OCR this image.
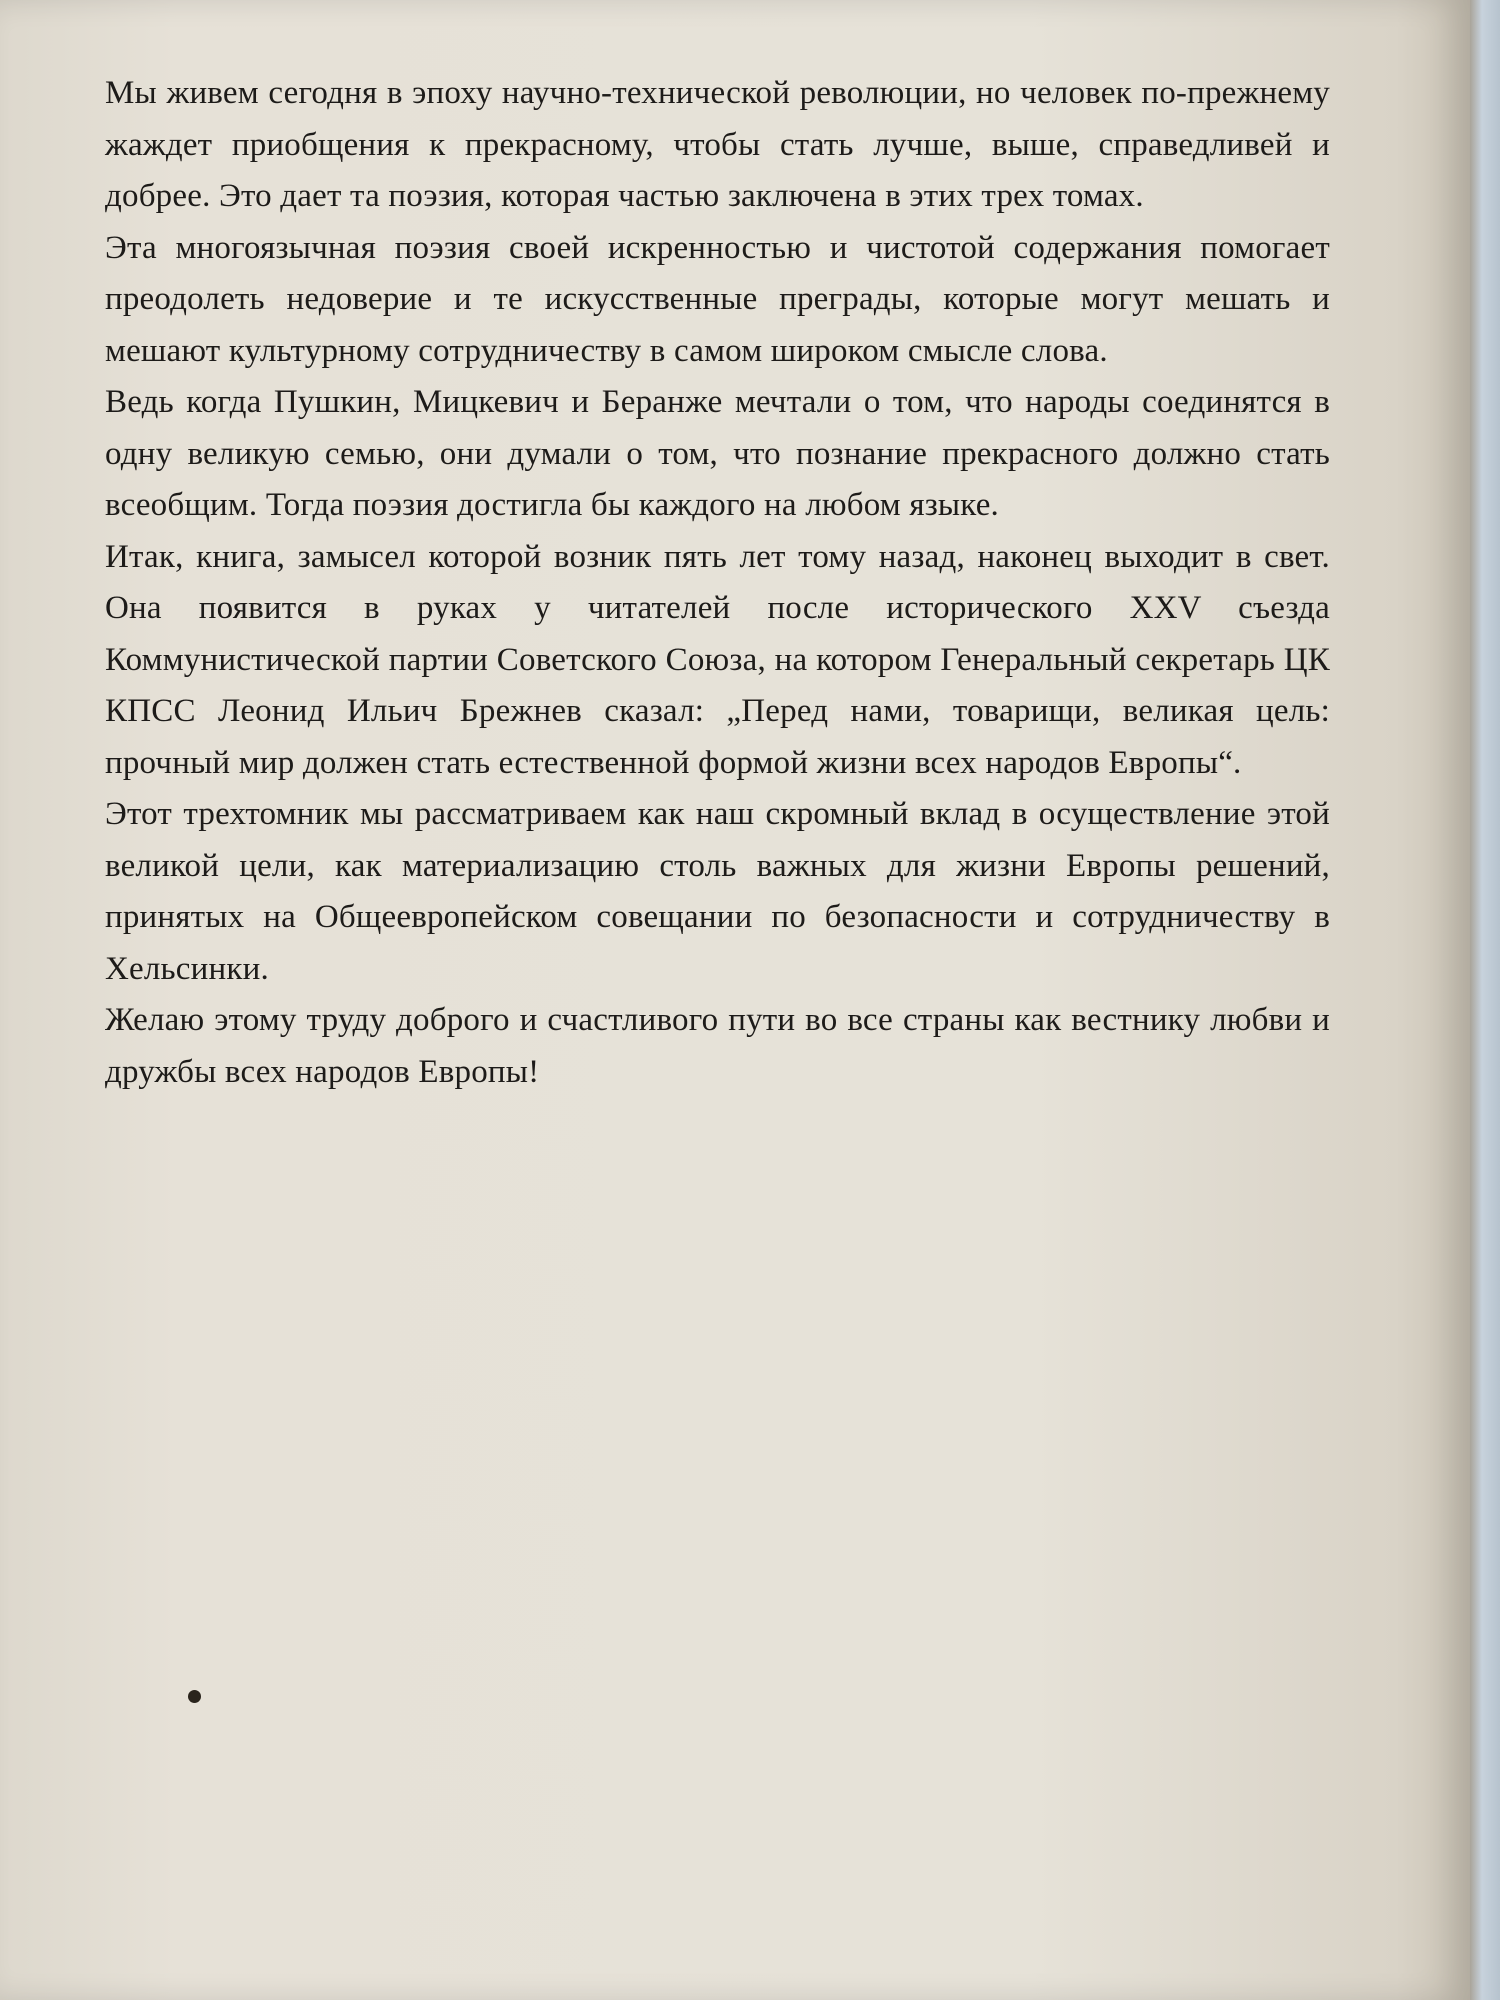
Мы живем сегодня в эпоху научно-технической революции, но человек по-прежнему жаждет приобщения к прекрасному, чтобы стать лучше, выше, справедливей и добрее. Это дает та поэзия, которая частью заключена в этих трех томах.

Эта многоязычная поэзия своей искренностью и чистотой содержания помогает преодолеть недоверие и те искусственные преграды, которые могут мешать и мешают культурному сотрудничеству в самом широком смысле слова.

Ведь когда Пушкин, Мицкевич и Беранже мечтали о том, что народы соединятся в одну великую семью, они думали о том, что познание прекрасного должно стать всеобщим. Тогда поэзия достигла бы каждого на любом языке.

Итак, книга, замысел которой возник пять лет тому назад, наконец выходит в свет. Она появится в руках у читателей после исторического XXV съезда Коммунистической партии Советского Союза, на котором Генеральный секретарь ЦК КПСС Леонид Ильич Брежнев сказал: „Перед нами, товарищи, великая цель: прочный мир должен стать естественной формой жизни всех народов Европы“.

Этот трехтомник мы рассматриваем как наш скромный вклад в осуществление этой великой цели, как материализацию столь важных для жизни Европы решений, принятых на Общеевропейском совещании по безопасности и сотрудничеству в Хельсинки.

Желаю этому труду доброго и счастливого пути во все страны как вестнику любви и дружбы всех народов Европы!
